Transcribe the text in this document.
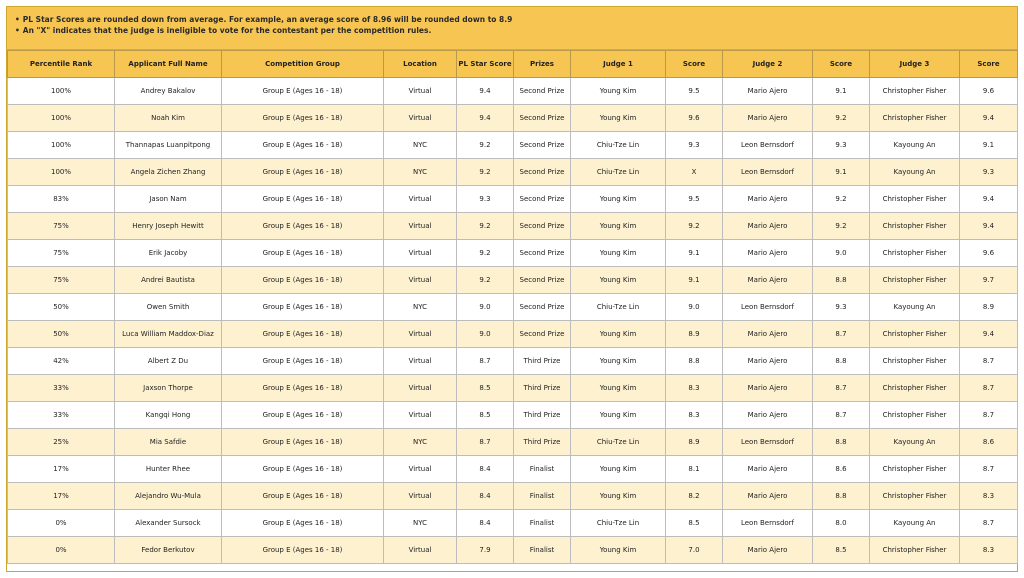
• PL Star Scores are rounded down from average. For example, an average score of 8.96 will be rounded down to 8.9
• An "X" indicates that the judge is ineligible to vote for the contestant per the competition rules.
Percentile Rank	Applicant Full Name	Competition Group	Location	PL Star Score	Prizes	Judge 1	Score	Judge 2	Score	Judge 3	Score
100%	Andrey Bakalov	Group E (Ages 16 - 18)	Virtual	9.4	Second Prize	Young Kim	9.5	Mario Ajero	9.1	Christopher Fisher	9.6
100%	Noah Kim	Group E (Ages 16 - 18)	Virtual	9.4	Second Prize	Young Kim	9.6	Mario Ajero	9.2	Christopher Fisher	9.4
100%	Thannapas Luanpitpong	Group E (Ages 16 - 18)	NYC	9.2	Second Prize	Chiu-Tze Lin	9.3	Leon Bernsdorf	9.3	Kayoung An	9.1
100%	Angela Zichen Zhang	Group E (Ages 16 - 18)	NYC	9.2	Second Prize	Chiu-Tze Lin	X	Leon Bernsdorf	9.1	Kayoung An	9.3
83%	Jason Nam	Group E (Ages 16 - 18)	Virtual	9.3	Second Prize	Young Kim	9.5	Mario Ajero	9.2	Christopher Fisher	9.4
75%	Henry Joseph Hewitt	Group E (Ages 16 - 18)	Virtual	9.2	Second Prize	Young Kim	9.2	Mario Ajero	9.2	Christopher Fisher	9.4
75%	Erik Jacoby	Group E (Ages 16 - 18)	Virtual	9.2	Second Prize	Young Kim	9.1	Mario Ajero	9.0	Christopher Fisher	9.6
75%	Andrei Bautista	Group E (Ages 16 - 18)	Virtual	9.2	Second Prize	Young Kim	9.1	Mario Ajero	8.8	Christopher Fisher	9.7
50%	Owen Smith	Group E (Ages 16 - 18)	NYC	9.0	Second Prize	Chiu-Tze Lin	9.0	Leon Bernsdorf	9.3	Kayoung An	8.9
50%	Luca William Maddox-Diaz	Group E (Ages 16 - 18)	Virtual	9.0	Second Prize	Young Kim	8.9	Mario Ajero	8.7	Christopher Fisher	9.4
42%	Albert Z Du	Group E (Ages 16 - 18)	Virtual	8.7	Third Prize	Young Kim	8.8	Mario Ajero	8.8	Christopher Fisher	8.7
33%	Jaxson Thorpe	Group E (Ages 16 - 18)	Virtual	8.5	Third Prize	Young Kim	8.3	Mario Ajero	8.7	Christopher Fisher	8.7
33%	Kangqi Hong	Group E (Ages 16 - 18)	Virtual	8.5	Third Prize	Young Kim	8.3	Mario Ajero	8.7	Christopher Fisher	8.7
25%	Mia Safdie	Group E (Ages 16 - 18)	NYC	8.7	Third Prize	Chiu-Tze Lin	8.9	Leon Bernsdorf	8.8	Kayoung An	8.6
17%	Hunter Rhee	Group E (Ages 16 - 18)	Virtual	8.4	Finalist	Young Kim	8.1	Mario Ajero	8.6	Christopher Fisher	8.7
17%	Alejandro Wu-Mula	Group E (Ages 16 - 18)	Virtual	8.4	Finalist	Young Kim	8.2	Mario Ajero	8.8	Christopher Fisher	8.3
0%	Alexander Sursock	Group E (Ages 16 - 18)	NYC	8.4	Finalist	Chiu-Tze Lin	8.5	Leon Bernsdorf	8.0	Kayoung An	8.7
0%	Fedor Berkutov	Group E (Ages 16 - 18)	Virtual	7.9	Finalist	Young Kim	7.0	Mario Ajero	8.5	Christopher Fisher	8.3
